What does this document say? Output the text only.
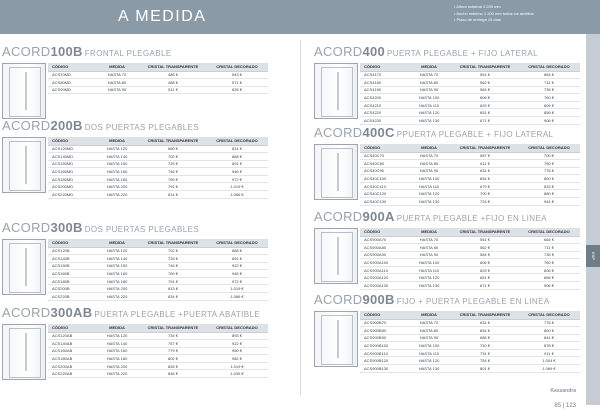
A MEDIDA
• Altura máxima 2.200 mm
• Ancho máximo 1.200 mm todos los ámbitos
• Plazo de entrega 15 días
ESP
ACORD100B FRONTAL PLEGABLE
CÓDIGO	MEDIDA	CRISTAL TRANSPARENTE	CRISTAL DECORADO
ACS70MD	HASTA 70	486 €	543 €
ACS80MD	HASTA 80	488 €	571 €
ACS90MD	HASTA 90	511 €	626 €
ACORD200B DOS PUERTAS PLEGABLES
CÓDIGO	MEDIDA	CRISTAL TRANSPARENTE	CRISTAL DECORADO
ACS120MD	HASTA 120	680 €	814 €
ACS140MD	HASTA 140	702 €	868 €
ACS150MD	HASTA 150	725 €	891 €
ACS160MD	HASTA 160	746 €	946 €
ACS180MD	HASTA 180	769 €	972 €
ACS200MD	HASTA 200	791 €	1.019 €
ACS220MD	HASTA 220	814 €	1.066 €
ACORD300B DOS PUERTAS PLEGABLES
CÓDIGO	MEDIDA	CRISTAL TRANSPARENTE	CRISTAL DECORADO
ACS120B	HASTA 120	702 €	868 €
ACS140B	HASTA 140	725 €	891 €
ACS150B	HASTA 150	746 €	922 €
ACS160B	HASTA 160	769 €	946 €
ACS180B	HASTA 180	791 €	972 €
ACS200B	HASTA 200	813 €	1.019 €
ACS220B	HASTA 220	834 €	1.066 €
ACORD300AB PUERTA PLEGABLE +PUERTA ABATIBLE
CÓDIGO	MEDIDA	CRISTAL TRANSPARENTE	CRISTAL DECORADO
ACS120AB	HASTA 120	734 €	893 €
ACS140AB	HASTA 140	757 €	922 €
ACS160AB	HASTA 160	779 €	950 €
ACS180AB	HASTA 180	802 €	982 €
ACS200AB	HASTA 200	826 €	1.019 €
ACS220AB	HASTA 220	846 €	1.039 €
ACORD400 PUERTA PLEGABLE + FIJO LATERAL
CÓDIGO	MEDIDA	CRISTAL TRANSPARENTE	CRISTAL DECORADO
ACS4170	HASTA 70	551 €	664 €
ACS4180	HASTA 80	562 €	711 €
ACS4190	HASTA 90	584 €	735 €
ACS4200	HASTA 100	606 €	760 €
ACS4210	HASTA 110	629 €	806 €
ACS4220	HASTA 120	651 €	856 €
ACS4230	HASTA 130	671 €	906 €
ACORD400C PPUERTA PLEGABLE + FIJO LATERAL
CÓDIGO	MEDIDA	CRISTAL TRANSPARENTE	CRISTAL DECORADO
ACS40C70	HASTA 70	587 €	700 €
ACS40C80	HASTA 80	611 €	750 €
ACS40C90	HASTA 90	631 €	776 €
ACS40C100	HASTA 100	654 €	800 €
ACS40C110	HASTA 110	679 €	832 €
ACS40C120	HASTA 120	700 €	880 €
ACS40C130	HASTA 130	724 €	944 €
ACORD900A PUERTA PLEGABLE +FIJO EN LINEA
CÓDIGO	MEDIDA	CRISTAL TRANSPARENTE	CRISTAL DECORADO
ACS900A70	HASTA 70	551 €	664 €
ACS900A80	HASTA 80	562 €	711 €
ACS900A90	HASTA 90	584 €	735 €
ACS900A100	HASTA 100	606 €	760 €
ACS900A110	HASTA 110	629 €	806 €
ACS900A120	HASTA 120	651 €	856 €
ACS900A130	HASTA 130	671 €	906 €
ACORD900B FIJO + PUERTA PLEGABLE EN LINEA
CÓDIGO	MEDIDA	CRISTAL TRANSPARENTE	CRISTAL DECORADO
ACS900B70	HASTA 70	631 €	776 €
ACS900B80	HASTA 80	654 €	800 €
ACS900B90	HASTA 90	686 €	844 €
ACS900B100	HASTA 100	710 €	878 €
ACS900B110	HASTA 110	731 €	911 €
ACS900B120	HASTA 120	754 €	1.004 €
ACS900B130	HASTA 130	801 €	1.069 €
Kassandra
85 | 123
